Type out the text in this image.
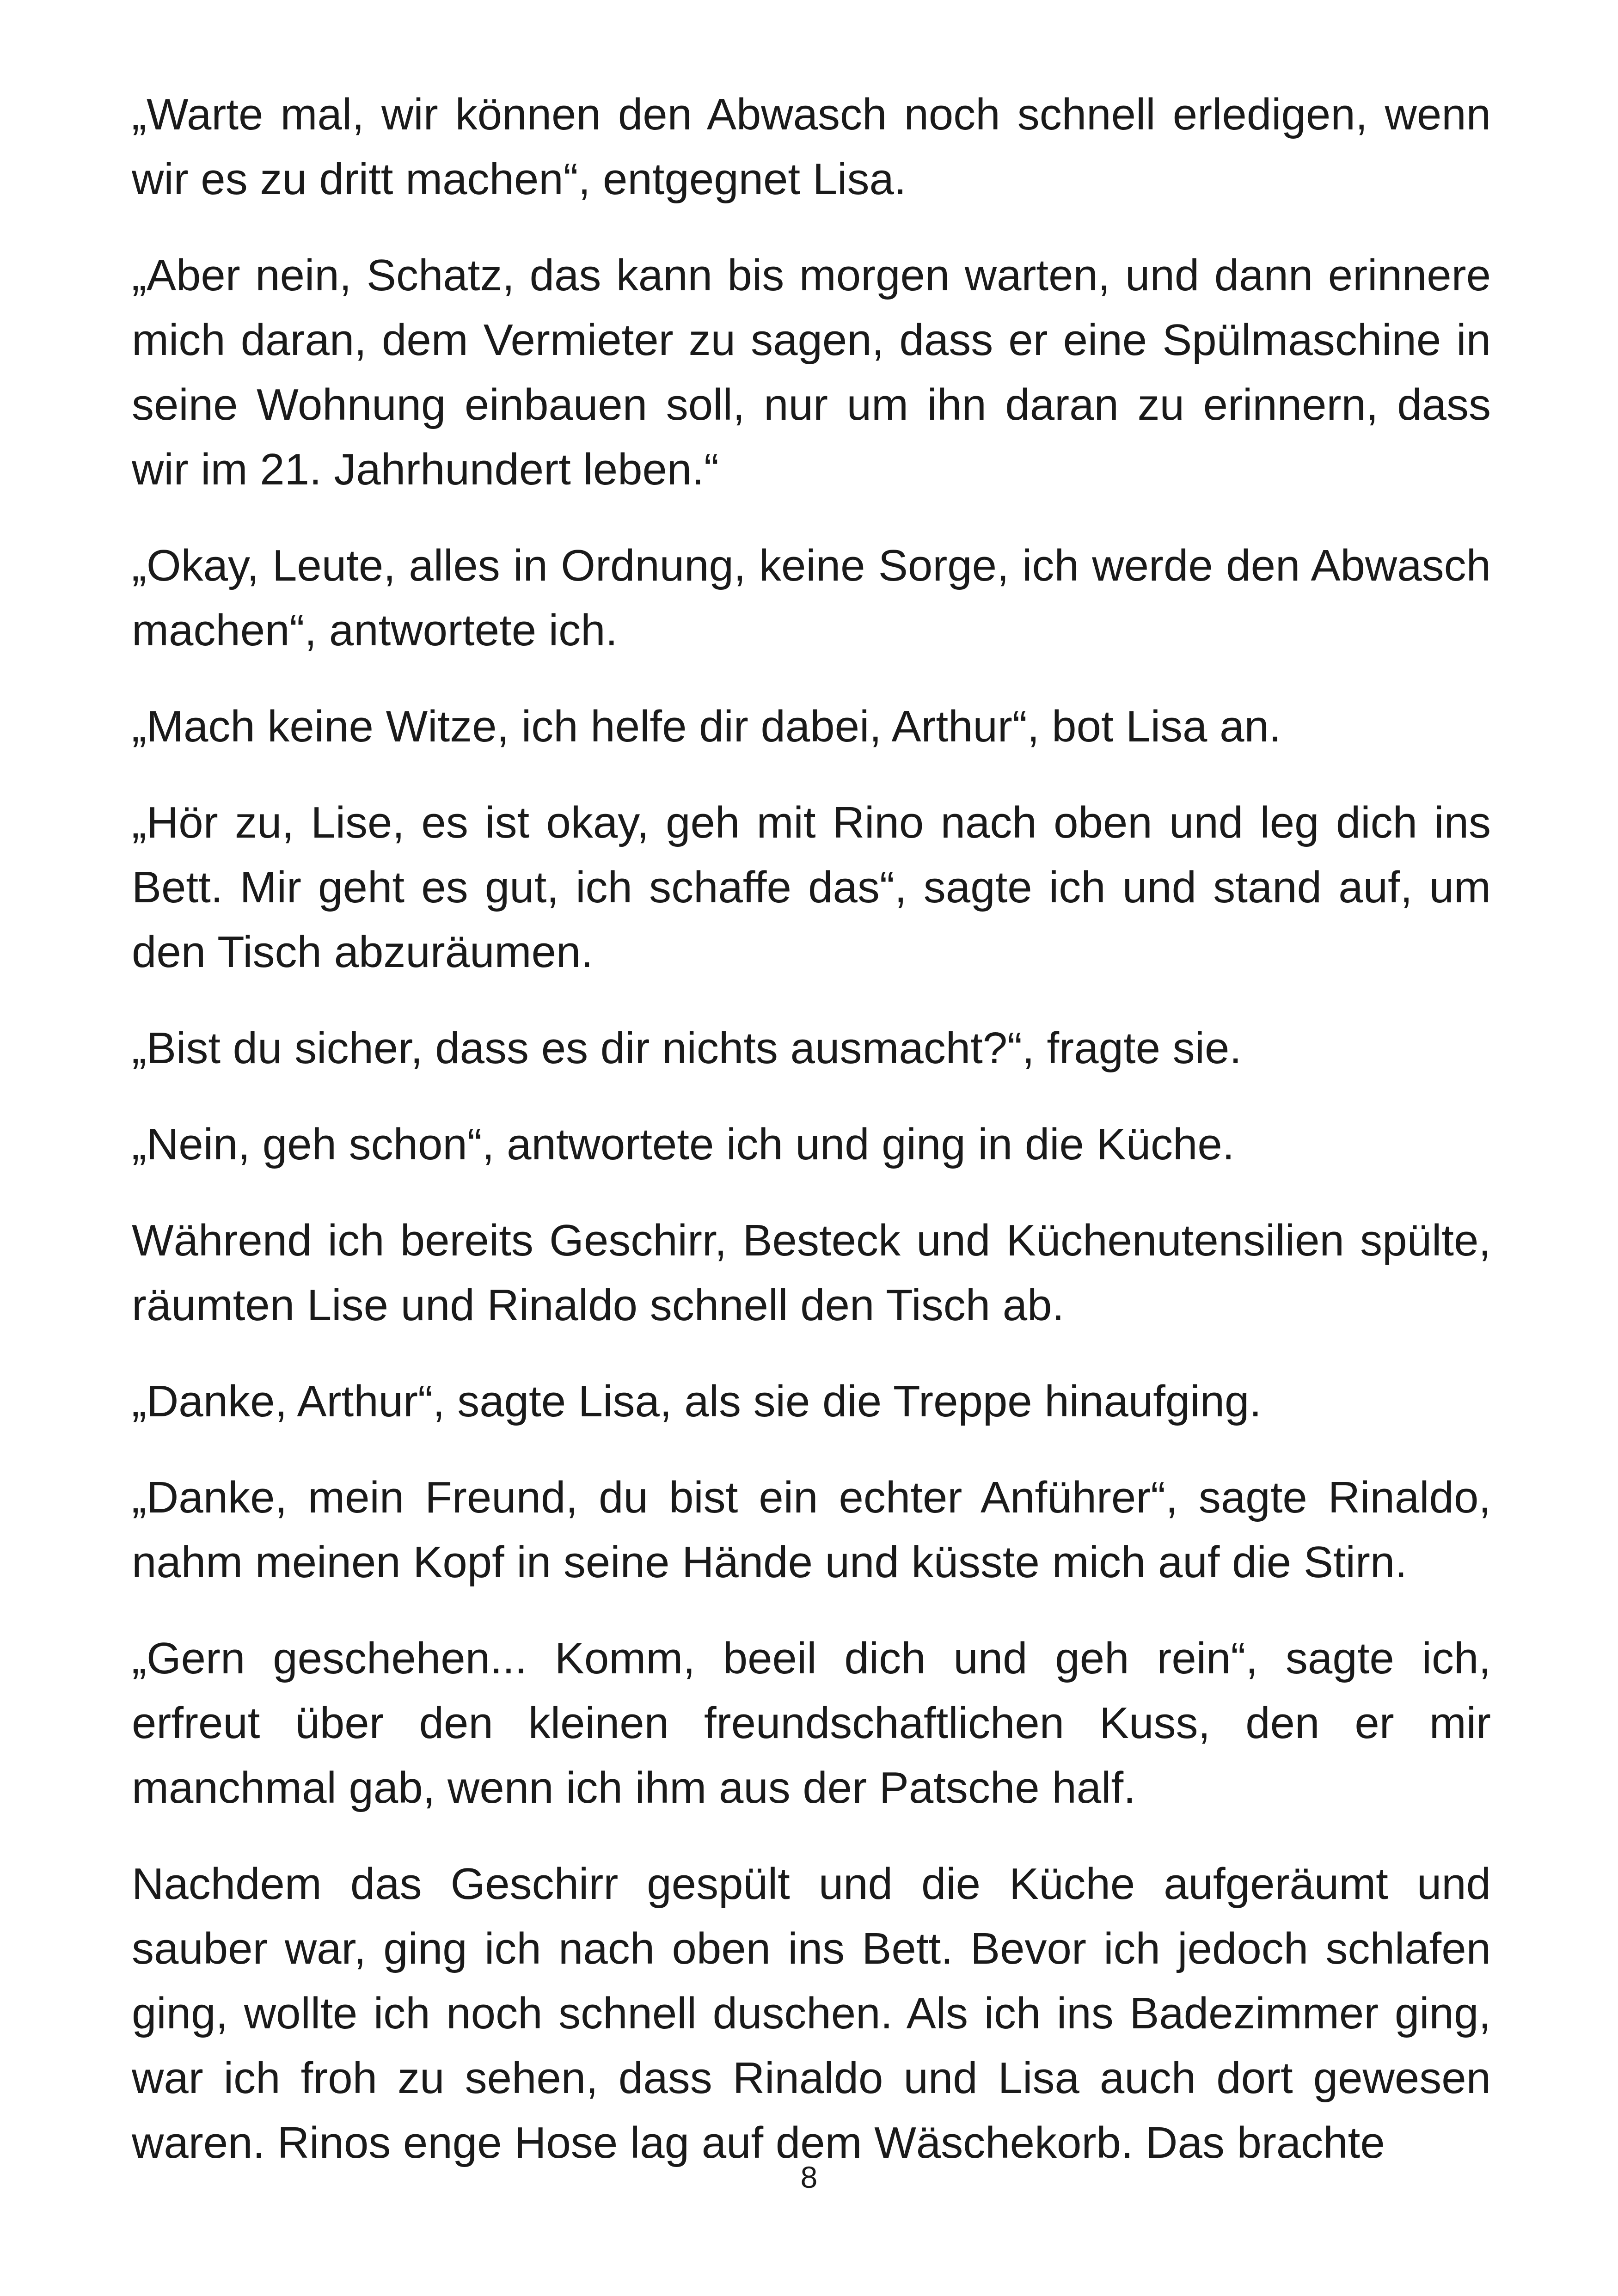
„Warte mal, wir können den Abwasch noch schnell erledigen, wenn wir es zu dritt machen“, entgegnet Lisa.

„Aber nein, Schatz, das kann bis morgen warten, und dann erinnere mich daran, dem Vermieter zu sagen, dass er eine Spülmaschine in seine Wohnung einbauen soll, nur um ihn daran zu erinnern, dass wir im 21. Jahrhundert leben.“

„Okay, Leute, alles in Ordnung, keine Sorge, ich werde den Abwasch machen“, antwortete ich.

„Mach keine Witze, ich helfe dir dabei, Arthur“, bot Lisa an.

„Hör zu, Lise, es ist okay, geh mit Rino nach oben und leg dich ins Bett. Mir geht es gut, ich schaffe das“, sagte ich und stand auf, um den Tisch abzuräumen.

„Bist du sicher, dass es dir nichts ausmacht?“, fragte sie.

„Nein, geh schon“, antwortete ich und ging in die Küche.

Während ich bereits Geschirr, Besteck und Küchenutensilien spülte, räumten Lise und Rinaldo schnell den Tisch ab.

„Danke, Arthur“, sagte Lisa, als sie die Treppe hinaufging.

„Danke, mein Freund, du bist ein echter Anführer“, sagte Rinaldo, nahm meinen Kopf in seine Hände und küsste mich auf die Stirn.

„Gern geschehen... Komm, beeil dich und geh rein“, sagte ich, erfreut über den kleinen freundschaftlichen Kuss, den er mir manchmal gab, wenn ich ihm aus der Patsche half.

Nachdem das Geschirr gespült und die Küche aufgeräumt und sauber war, ging ich nach oben ins Bett. Bevor ich jedoch schlafen ging, wollte ich noch schnell duschen. Als ich ins Badezimmer ging, war ich froh zu sehen, dass Rinaldo und Lisa auch dort gewesen waren. Rinos enge Hose lag auf dem Wäschekorb. Das brachte

8
